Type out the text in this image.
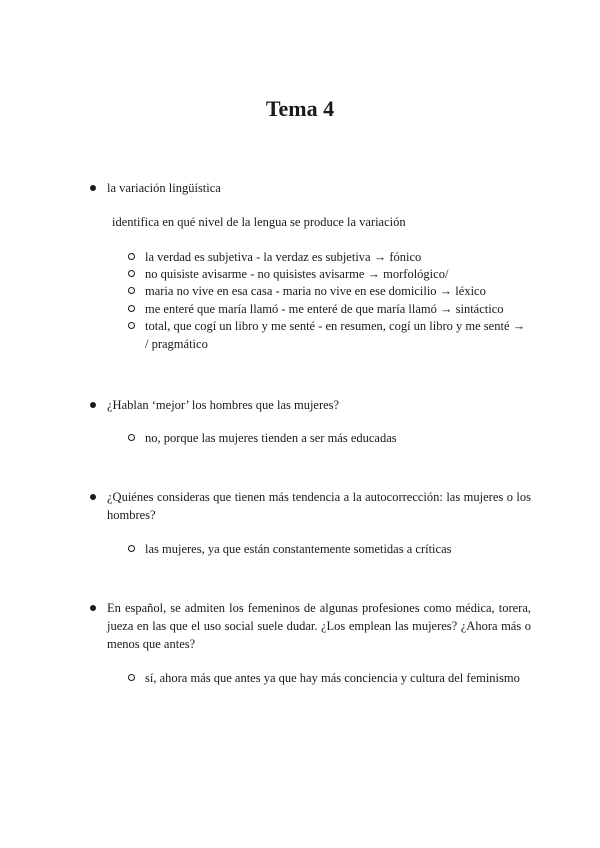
Tema 4
la variación lingüística
identifica en qué nivel de la lengua se produce la variación
la verdad es subjetiva - la verdaz es subjetiva → fónico
no quisiste avisarme - no quisistes avisarme → morfológico/
maria no vive en esa casa - maria no vive en ese domicilio → léxico
me enteré que maría llamó - me enteré de que maría llamó → sintáctico
total, que cogí un libro y me senté - en resumen, cogí un libro y me senté → / pragmático
¿Hablan ‘mejor’ los hombres que las mujeres?
no, porque las mujeres tienden a ser más educadas
¿Quiénes consideras que tienen más tendencia a la autocorrección: las mujeres o los hombres?
las mujeres, ya que están constantemente sometidas a críticas
En español, se admiten los femeninos de algunas profesiones como médica, torera, jueza en las que el uso social suele dudar. ¿Los emplean las mujeres? ¿Ahora más o menos que antes?
sí, ahora más que antes ya que hay más conciencia y cultura del feminismo
